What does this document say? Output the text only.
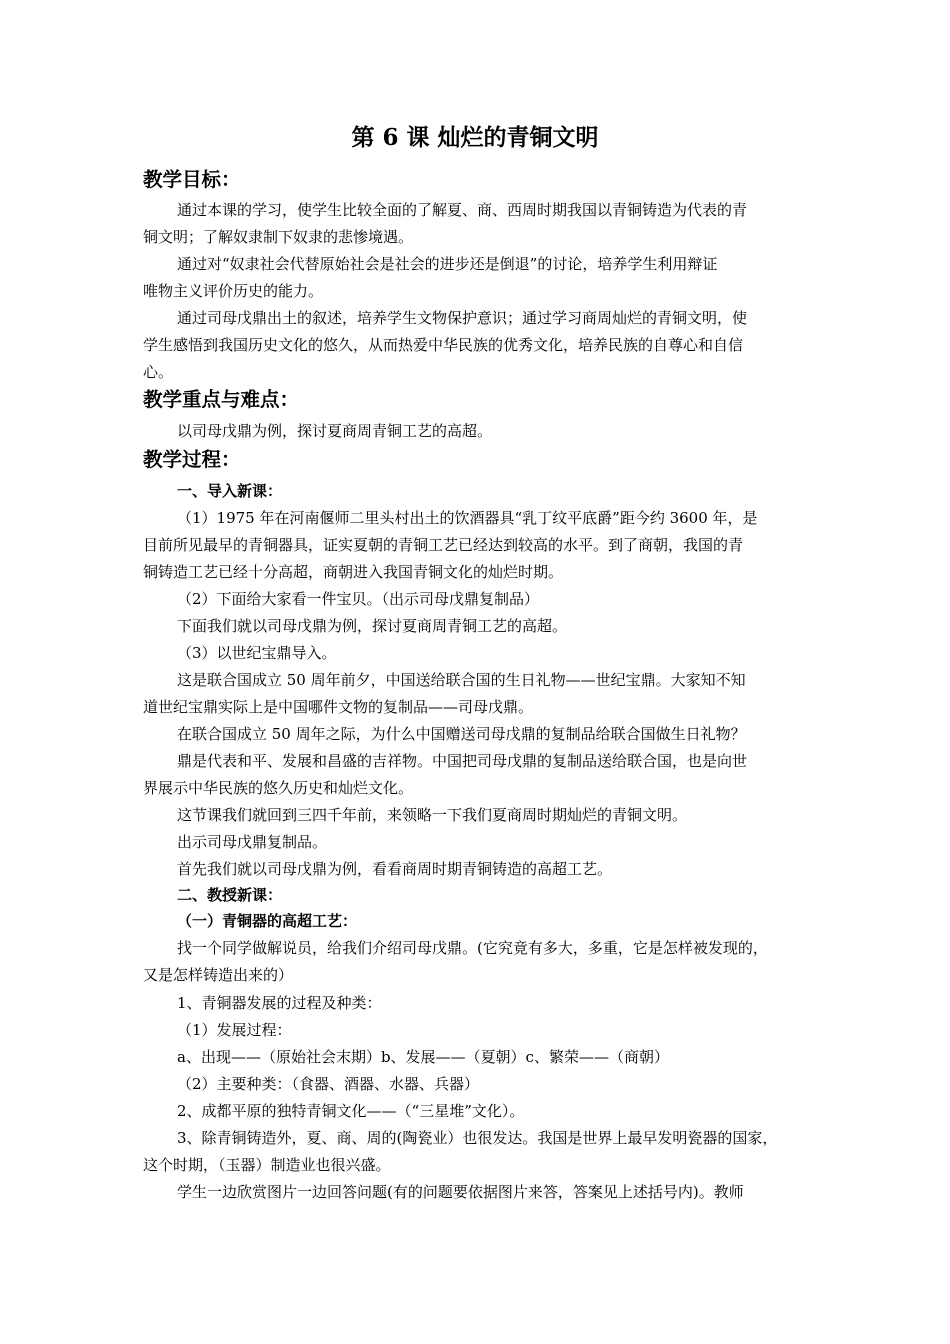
第 6 课 灿烂的青铜文明
教学目标：
通过本课的学习，使学生比较全面的了解夏、商、西周时期我国以青铜铸造为代表的青
铜文明；了解奴隶制下奴隶的悲惨境遇。
通过对“奴隶社会代替原始社会是社会的进步还是倒退”的讨论，培养学生利用辩证
唯物主义评价历史的能力。
通过司母戊鼎出土的叙述，培养学生文物保护意识；通过学习商周灿烂的青铜文明，使
学生感悟到我国历史文化的悠久，从而热爱中华民族的优秀文化，培养民族的自尊心和自信
心。
教学重点与难点：
以司母戊鼎为例，探讨夏商周青铜工艺的高超。
教学过程：
一、导入新课：
（1）1975 年在河南偃师二里头村出土的饮酒器具“乳丁纹平底爵”距今约 3600 年，是
目前所见最早的青铜器具，证实夏朝的青铜工艺已经达到较高的水平。到了商朝，我国的青
铜铸造工艺已经十分高超，商朝进入我国青铜文化的灿烂时期。
（2）下面给大家看一件宝贝。（出示司母戊鼎复制品）
下面我们就以司母戊鼎为例，探讨夏商周青铜工艺的高超。
（3）以世纪宝鼎导入。
这是联合国成立 50 周年前夕，中国送给联合国的生日礼物——世纪宝鼎。大家知不知
道世纪宝鼎实际上是中国哪件文物的复制品——司母戊鼎。
在联合国成立 50 周年之际，为什么中国赠送司母戊鼎的复制品给联合国做生日礼物？
鼎是代表和平、发展和昌盛的吉祥物。中国把司母戊鼎的复制品送给联合国，也是向世
界展示中华民族的悠久历史和灿烂文化。
这节课我们就回到三四千年前，来领略一下我们夏商周时期灿烂的青铜文明。
出示司母戊鼎复制品。
首先我们就以司母戊鼎为例，看看商周时期青铜铸造的高超工艺。
二、教授新课：
（一）青铜器的高超工艺：
找一个同学做解说员，给我们介绍司母戊鼎。(它究竟有多大，多重，它是怎样被发现的，
又是怎样铸造出来的）
1、青铜器发展的过程及种类：
（1）发展过程：
a、出现——（原始社会末期）b、发展——（夏朝）c、繁荣——（商朝）
（2）主要种类：（食器、酒器、水器、兵器）
2、成都平原的独特青铜文化——（“三星堆”文化）。
3、除青铜铸造外，夏、商、周的(陶瓷业）也很发达。我国是世界上最早发明瓷器的国家，
这个时期，（玉器）制造业也很兴盛。
学生一边欣赏图片一边回答问题(有的问题要依据图片来答，答案见上述括号内)。教师
